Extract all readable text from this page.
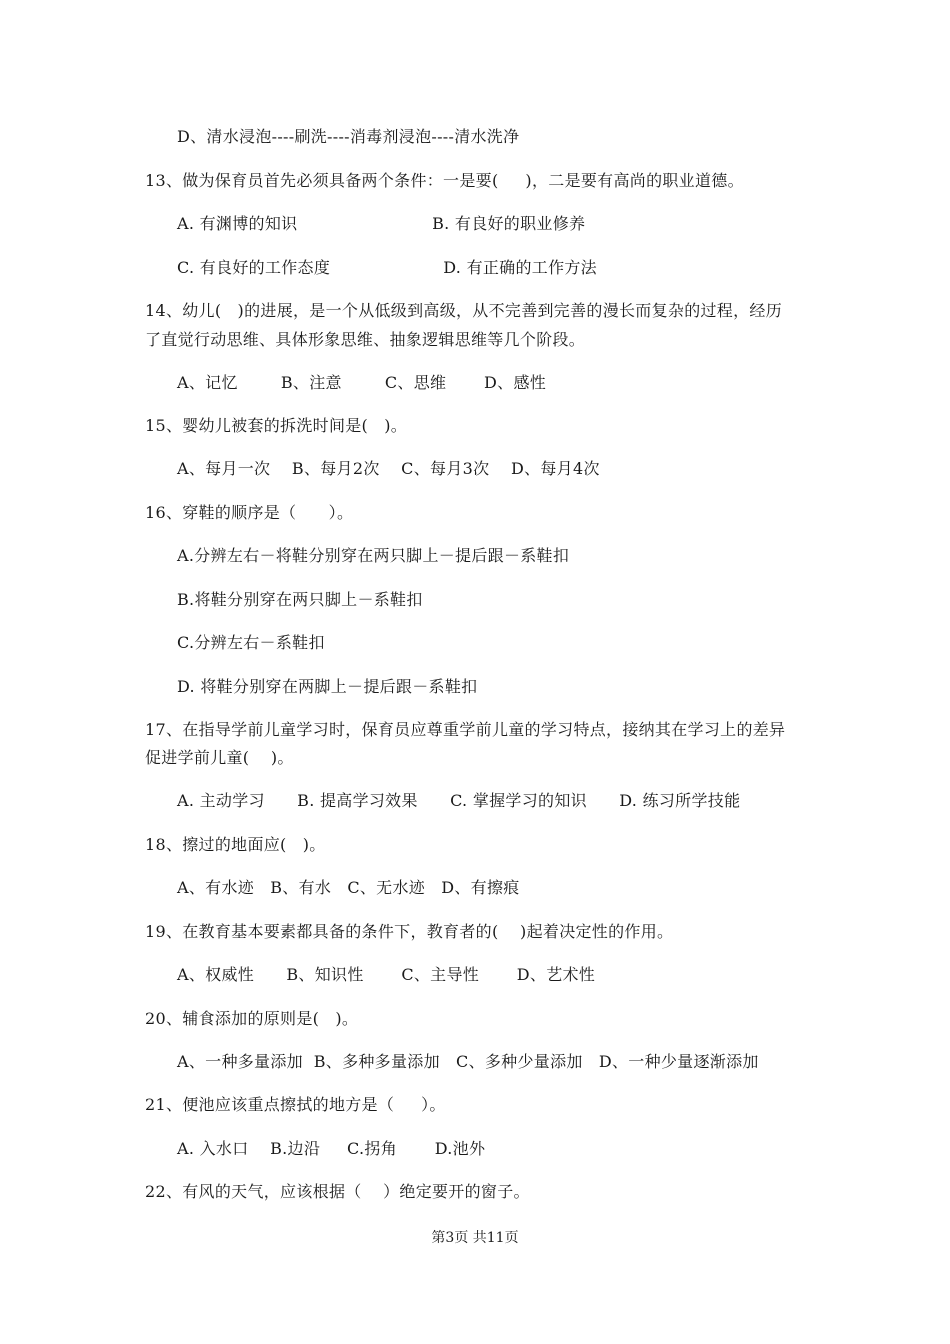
D、清水浸泡----刷洗----消毒剂浸泡----清水洗净
13、做为保育员首先必须具备两个条件：一是要(     )，二是要有高尚的职业道德。
A. 有渊博的知识                         B. 有良好的职业修养
C. 有良好的工作态度                     D. 有正确的工作方法
14、幼儿(   )的进展，是一个从低级到高级，从不完善到完善的漫长而复杂的过程，经历
了直觉行动思维、具体形象思维、抽象逻辑思维等几个阶段。
A、记忆        B、注意        C、思维       D、感性
15、婴幼儿被套的拆洗时间是(   )。
A、每月一次    B、每月2次    C、每月3次    D、每月4次
16、穿鞋的顺序是（      ）。
A.分辨左右－将鞋分别穿在两只脚上－提后跟－系鞋扣
B.将鞋分别穿在两只脚上－系鞋扣
C.分辨左右－系鞋扣
D. 将鞋分别穿在两脚上－提后跟－系鞋扣
17、在指导学前儿童学习时，保育员应尊重学前儿童的学习特点，接纳其在学习上的差异
促进学前儿童(    )。
A. 主动学习      B. 提高学习效果      C. 掌握学习的知识      D. 练习所学技能
18、擦过的地面应(   )。
A、有水迹   B、有水   C、无水迹   D、有擦痕
19、在教育基本要素都具备的条件下，教育者的(    )起着决定性的作用。
A、权威性      B、知识性       C、主导性       D、艺术性
20、辅食添加的原则是(   )。
A、一种多量添加  B、多种多量添加   C、多种少量添加   D、一种少量逐渐添加
21、便池应该重点擦拭的地方是（     ）。
A. 入水口    B.边沿     C.拐角       D.池外
22、有风的天气，应该根据（    ）绝定要开的窗子。
第3页 共11页
